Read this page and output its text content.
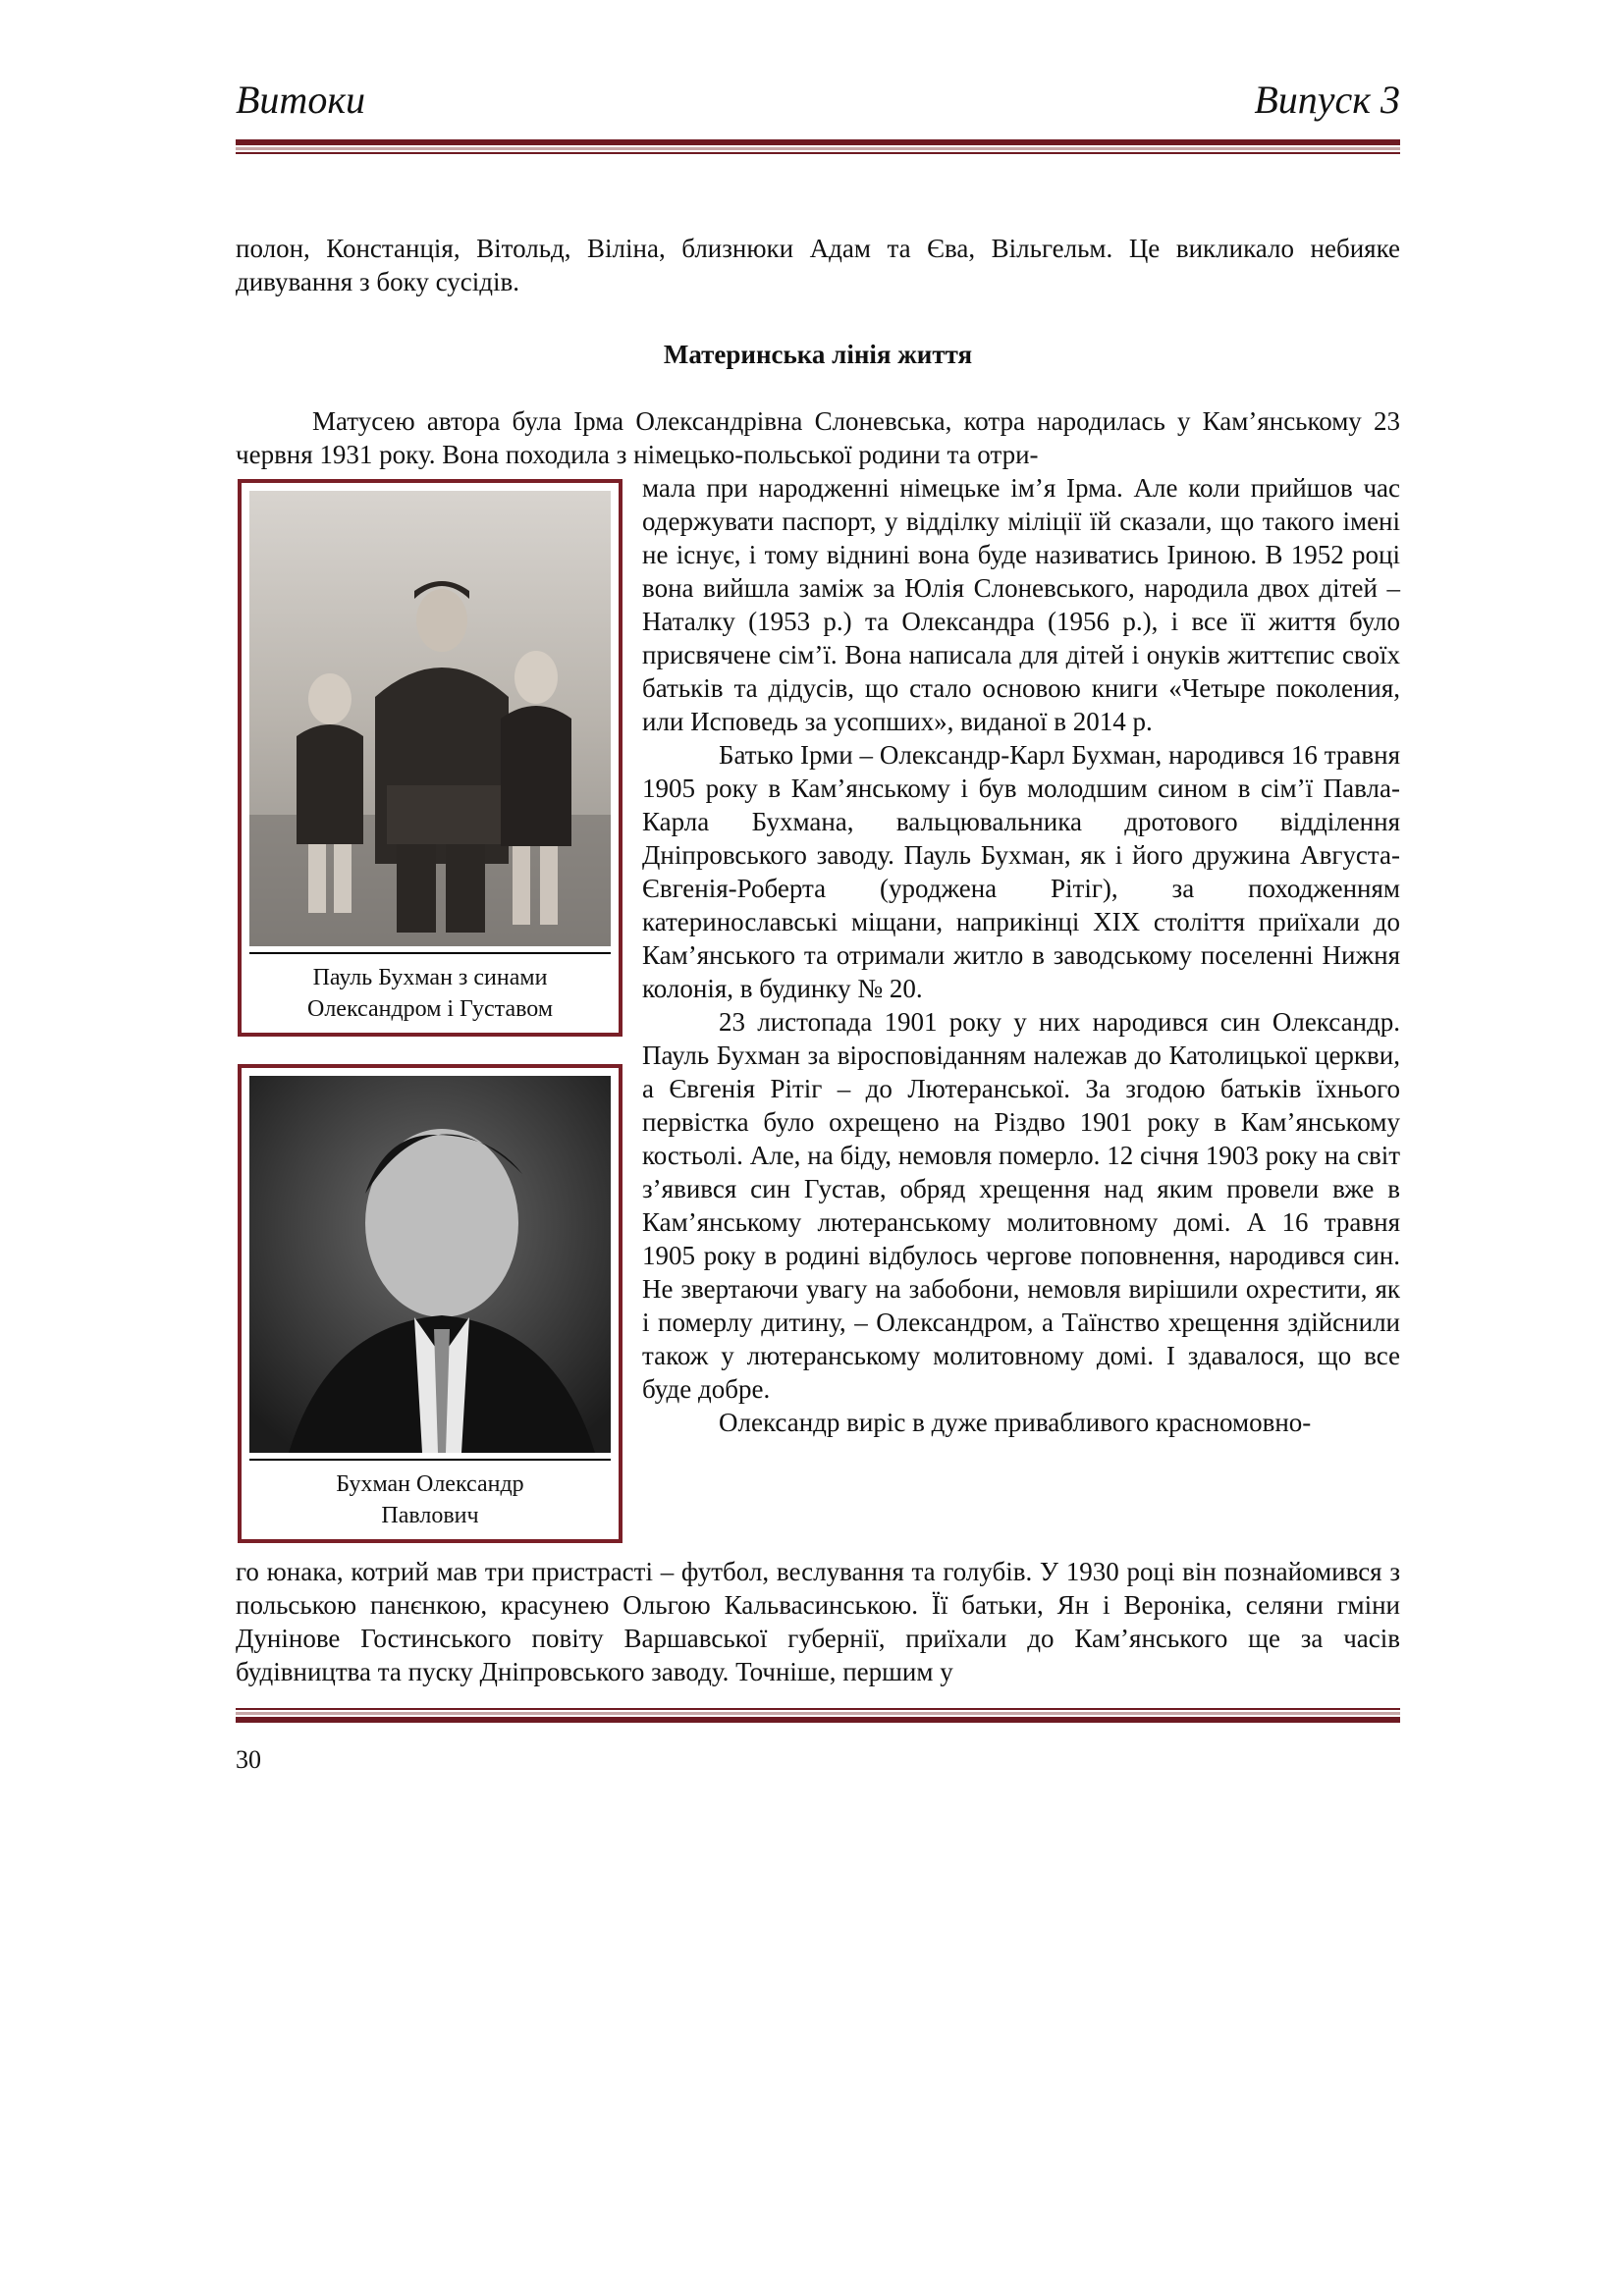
Витоки	Випуск 3

полон, Констанція, Вітольд, Віліна, близнюки Адам та Єва, Вільгельм. Це викликало небияке дивування з боку сусідів.

Материнська лінія життя

Матусею автора була Ірма Олександрівна Слоневська, котра народилась у Кам’янському 23 червня 1931 року. Вона походила з німецько-польської родини та отри-

мала при народженні німецьке ім’я Ірма. Але коли прийшов час одержувати паспорт, у відділку міліції їй сказали, що такого імені не існує, і тому віднині вона буде називатись Іриною. В 1952 році вона вийшла заміж за Юлія Слоневського, народила двох дітей – Наталку (1953 р.) та Олександра (1956 р.), і все її життя було присвячене сім’ї. Вона написала для дітей і онуків життєпис своїх батьків та дідусів, що стало основою книги «Четыре поколения, или Исповедь за усопших», виданої в 2014 р.

Батько Ірми – Олександр-Карл Бухман, народився 16 травня 1905 року в Кам’янському і був молодшим сином в сім’ї Павла-Карла Бухмана, вальцювальника дротового відділення Дніпровського заводу. Пауль Бухман, як і його дружина Августа-Євгенія-Роберта (уроджена Рітіг), за походженням катеринославські міщани, наприкінці XIX століття приїхали до Кам’янського та отримали житло в заводському поселенні Нижня колонія, в будинку № 20.

23 листопада 1901 року у них народився син Олександр. Пауль Бухман за віросповіданням належав до Католицької церкви, а Євгенія Рітіг – до Лютеранської. За згодою батьків їхнього первістка було охрещено на Різдво 1901 року в Кам’янському костьолі. Але, на біду, немовля померло. 12 січня 1903 року на світ з’явився син Густав, обряд хрещення над яким провели вже в Кам’янському лютеранському молитовному домі. А 16 травня 1905 року в родині відбулось чергове поповнення, народився син. Не звертаючи увагу на забобони, немовля вирішили охрестити, як і померлу дитину, – Олександром, а Таїнство хрещення здійснили також у лютеранському молитовному домі. І здавалося, що все буде добре.

Олександр виріс в дуже привабливого красномовно-

Пауль Бухман з синами
Олександром і Густавом
Бухман Олександр
Павлович

го юнака, котрий мав три пристрасті – футбол, веслування та голубів. У 1930 році він познайомився з польською панєнкою, красунею Ольгою Кальвасинською. Її батьки, Ян і Вероніка, селяни гміни Дунінове Гостинського повіту Варшавської губернії, приїхали до Кам’янського ще за часів будівництва та пуску Дніпровського заводу. Точніше, першим у

30
